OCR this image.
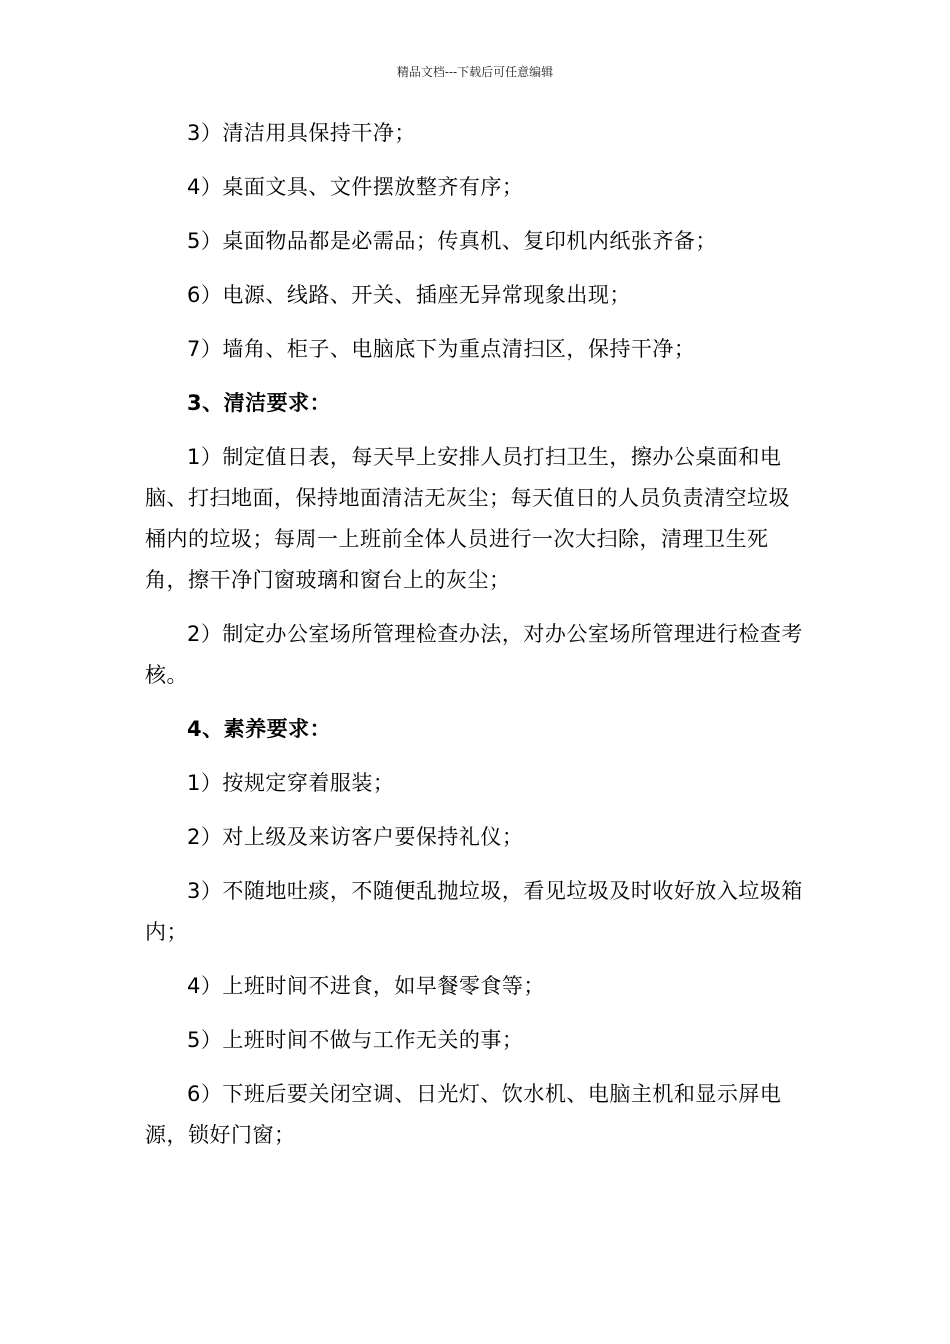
精品文档---下载后可任意编辑

3）清洁用具保持干净；

4）桌面文具、文件摆放整齐有序；

5）桌面物品都是必需品；传真机、复印机内纸张齐备；

6）电源、线路、开关、插座无异常现象出现；

7）墙角、柜子、电脑底下为重点清扫区，保持干净；

3、清洁要求：

1）制定值日表，每天早上安排人员打扫卫生，擦办公桌面和电脑、打扫地面，保持地面清洁无灰尘；每天值日的人员负责清空垃圾桶内的垃圾；每周一上班前全体人员进行一次大扫除，清理卫生死角，擦干净门窗玻璃和窗台上的灰尘；

2）制定办公室场所管理检查办法，对办公室场所管理进行检查考核。

4、素养要求：

1）按规定穿着服装；

2）对上级及来访客户要保持礼仪；

3）不随地吐痰，不随便乱抛垃圾，看见垃圾及时收好放入垃圾箱内；

4）上班时间不进食，如早餐零食等；

5）上班时间不做与工作无关的事；

6）下班后要关闭空调、日光灯、饮水机、电脑主机和显示屏电源，锁好门窗；
